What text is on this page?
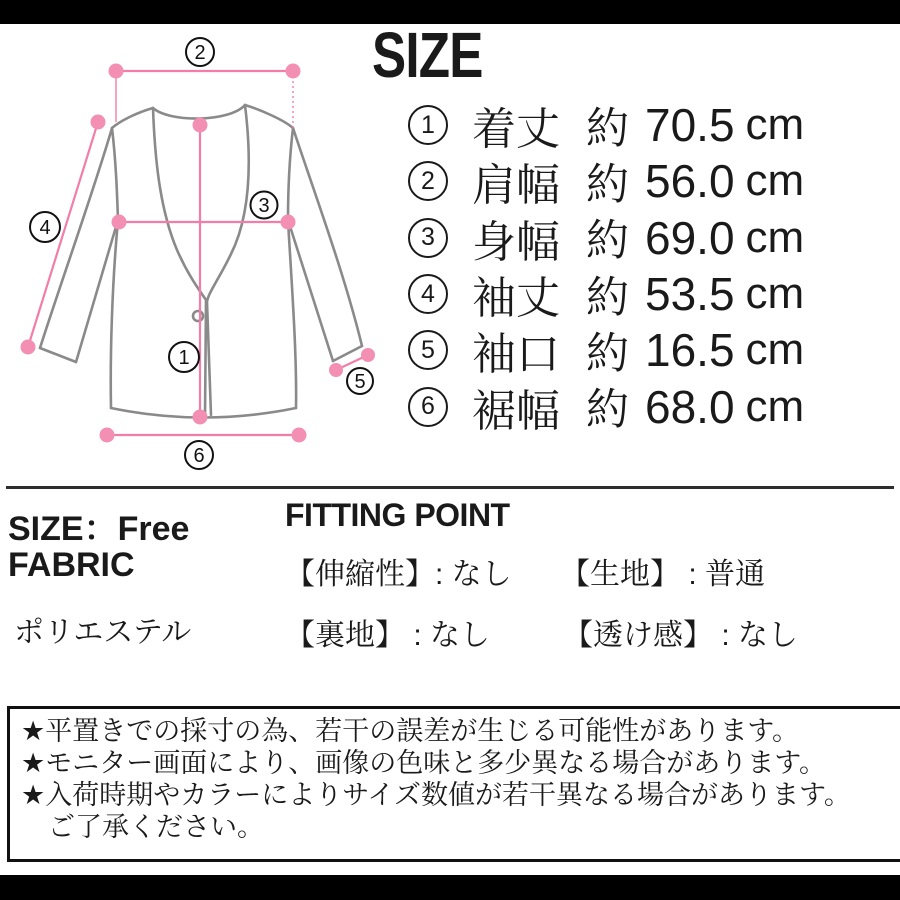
2
4
3
1
5
6
SIZE
1 着丈 約 70.5 cm
2 肩幅 約 56.0 cm
3 身幅 約 69.0 cm
4 袖丈 約 53.5 cm
5 袖口 約 16.5 cm
6 裾幅 約 68.0 cm
SIZE：Free
FABRIC
ポリエステル
FITTING POINT
【伸縮性】: なし 【生地】 : 普通
【裏地】 : なし 【透け感】 : なし
★平置きでの採寸の為、若干の誤差が生じる可能性があります。
★モニター画面により、画像の色味と多少異なる場合があります。
★入荷時期やカラーによりサイズ数値が若干異なる場合があります。
　ご了承ください。
